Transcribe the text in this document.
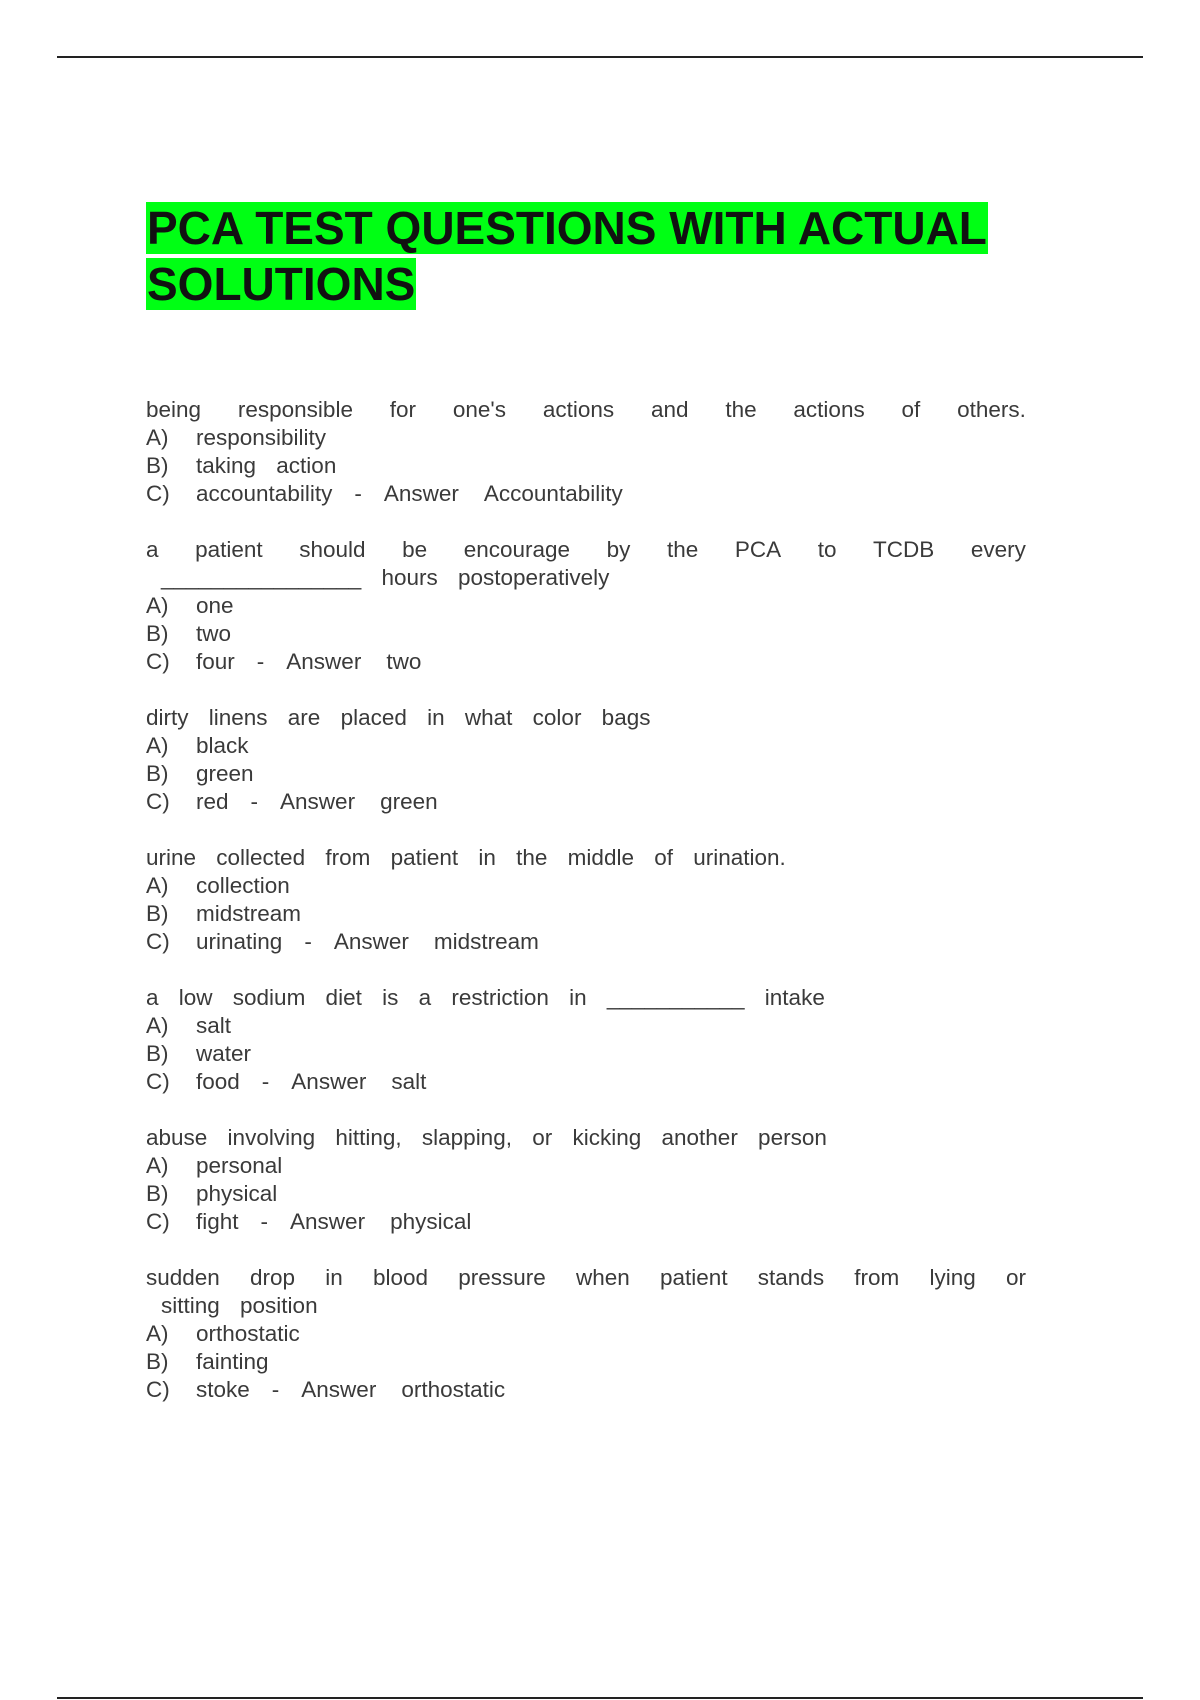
PCA TEST QUESTIONS WITH ACTUAL
SOLUTIONS
being responsible for one's actions and the actions of others.
A) responsibility
B) taking action
C) accountability - Answer Accountability
a patient should be encourage by the PCA to TCDB every
________________ hours postoperatively
A) one
B) two
C) four - Answer two
dirty linens are placed in what color bags
A) black
B) green
C) red - Answer green
urine collected from patient in the middle of urination.
A) collection
B) midstream
C) urinating - Answer midstream
a low sodium diet is a restriction in ___________ intake
A) salt
B) water
C) food - Answer salt
abuse involving hitting, slapping, or kicking another person
A) personal
B) physical
C) fight - Answer physical
sudden drop in blood pressure when patient stands from lying or
sitting position
A) orthostatic
B) fainting
C) stoke - Answer orthostatic
